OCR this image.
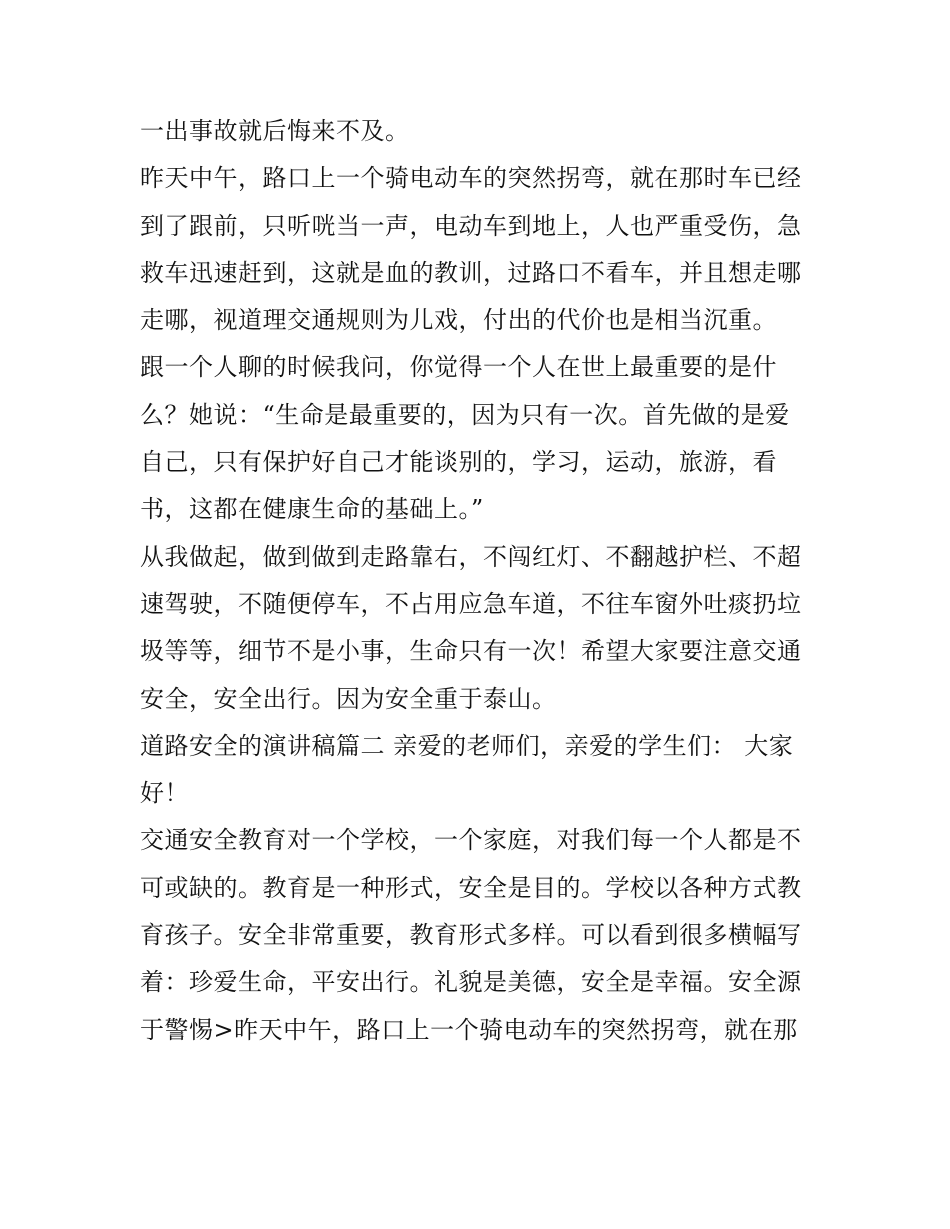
一出事故就后悔来不及。
昨天中午，路口上一个骑电动车的突然拐弯，就在那时车已经
到了跟前，只听咣当一声，电动车到地上，人也严重受伤，急
救车迅速赶到，这就是血的教训，过路口不看车，并且想走哪
走哪，视道理交通规则为儿戏，付出的代价也是相当沉重。
跟一个人聊的时候我问，你觉得一个人在世上最重要的是什
么？她说：“生命是最重要的，因为只有一次。首先做的是爱
自己，只有保护好自己才能谈别的，学习，运动，旅游，看
书，这都在健康生命的基础上。”
从我做起，做到做到走路靠右，不闯红灯、不翻越护栏、不超
速驾驶，不随便停车，不占用应急车道，不往车窗外吐痰扔垃
圾等等，细节不是小事，生命只有一次！希望大家要注意交通
安全，安全出行。因为安全重于泰山。
道路安全的演讲稿篇二 亲爱的老师们，亲爱的学生们： 大家
好！
交通安全教育对一个学校，一个家庭，对我们每一个人都是不
可或缺的。教育是一种形式，安全是目的。学校以各种方式教
育孩子。安全非常重要，教育形式多样。可以看到很多横幅写
着：珍爱生命，平安出行。礼貌是美德，安全是幸福。安全源
于警惕>昨天中午，路口上一个骑电动车的突然拐弯，就在那
